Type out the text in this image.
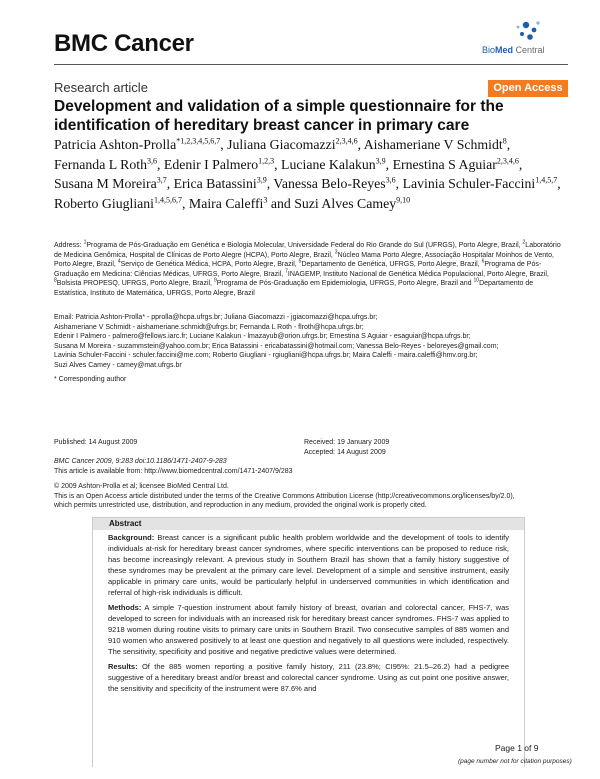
BMC Cancer	BioMed Central
Research article	Open Access
Development and validation of a simple questionnaire for the identification of hereditary breast cancer in primary care
Patricia Ashton-Prolla$^{*1,2,3,4,5,6,7}$, Juliana Giacomazzi$^{2,3,4,6}$, Aishameriane V Schmidt$^8$, Fernanda L Roth$^{3,6}$, Edenir I Palmero$^{1,2,3}$, Luciane Kalakun$^{3,9}$, Ernestina S Aguiar$^{2,3,4,6}$, Susana M Moreira$^{3,7}$, Erica Batassini$^{3,9}$, Vanessa Belo-Reyes$^{3,6}$, Lavinia Schuler-Faccini$^{1,4,5,7}$, Roberto Giugliani$^{1,4,5,6,7}$, Maira Caleffi$^3$ and Suzi Alves Camey$^{9,10}$
Address: $^1$Programa de Pós-Graduação em Genética e Biologia Molecular, Universidade Federal do Rio Grande do Sul (UFRGS), Porto Alegre, Brazil, $^2$Laboratório de Medicina Genômica, Hospital de Clínicas de Porto Alegre (HCPA), Porto Alegre, Brazil, $^3$Núcleo Mama Porto Alegre, Associação Hospitalar Moinhos de Vento, Porto Alegre, Brazil, $^4$Serviço de Genética Médica, HCPA, Porto Alegre, Brazil, $^5$Departamento de Genética, UFRGS, Porto Alegre, Brazil, $^6$Programa de Pós-Graduação em Medicina: Ciências Médicas, UFRGS, Porto Alegre, Brazil, $^7$INAGEMP, Instituto Nacional de Genética Médica Populacional, Porto Alegre, Brazil, $^8$Bolsista PROPESQ, UFRGS, Porto Alegre, Brazil, $^9$Programa de Pós-Graduação em Epidemiologia, UFRGS, Porto Alegre, Brazil and $^{10}$Departamento de Estatística, Instituto de Matemática, UFRGS, Porto Alegre, Brazil
Email: Patricia Ashton-Prolla* - pprolla@hcpa.ufrgs.br; Juliana Giacomazzi - jgiacomazzi@hcpa.ufrgs.br;
Aishameriane V Schmidt - aishameriane.schmidt@ufrgs.br; Fernanda L Roth - flroth@hcpa.ufrgs.br;
Edenir I Palmero - palmero@fellows.iarc.fr; Luciane Kalakun - lmazayub@orion.ufrgs.br; Ernestina S Aguiar - esaguiar@hcpa.ufrgs.br;
Susana M Moreira - suzammstein@yahoo.com.br; Erica Batassini - ericabatassini@hotmail.com; Vanessa Belo-Reyes - beloreyes@gmail.com;
Lavinia Schuler-Faccini - schuler.faccini@me.com; Roberto Giugliani - rgiugliani@hcpa.ufrgs.br; Maira Caleffi - maira.caleffi@hmv.org.br;
Suzi Alves Camey - camey@mat.ufrgs.br
* Corresponding author
Published: 14 August 2009	Received: 19 January 2009
Accepted: 14 August 2009
BMC Cancer 2009, 9:283 doi:10.1186/1471-2407-9-283
This article is available from: http://www.biomedcentral.com/1471-2407/9/283
© 2009 Ashton-Prolla et al; licensee BioMed Central Ltd.
This is an Open Access article distributed under the terms of the Creative Commons Attribution License (http://creativecommons.org/licenses/by/2.0),
which permits unrestricted use, distribution, and reproduction in any medium, provided the original work is properly cited.
Abstract

Background: Breast cancer is a significant public health problem worldwide and the development of tools to identify individuals at-risk for hereditary breast cancer syndromes, where specific interventions can be proposed to reduce risk, has become increasingly relevant. A previous study in Southern Brazil has shown that a family history suggestive of these syndromes may be prevalent at the primary care level. Development of a simple and sensitive instrument, easily applicable in primary care units, would be particularly helpful in underserved communities in which identification and referral of high-risk individuals is difficult.

Methods: A simple 7-question instrument about family history of breast, ovarian and colorectal cancer, FHS-7, was developed to screen for individuals with an increased risk for hereditary breast cancer syndromes. FHS-7 was applied to 9218 women during routine visits to primary care units in Southern Brazil. Two consecutive samples of 885 women and 910 women who answered positively to at least one question and negatively to all questions were included, respectively. The sensitivity, specificity and positive and negative predictive values were determined.

Results: Of the 885 women reporting a positive family history, 211 (23.8%; CI95%: 21.5–26.2) had a pedigree suggestive of a hereditary breast and/or breast and colorectal cancer syndrome. Using as cut point one positive answer, the sensitivity and specificity of the instrument were 87.6% and

Page 1 of 9
(page number not for citation purposes)
